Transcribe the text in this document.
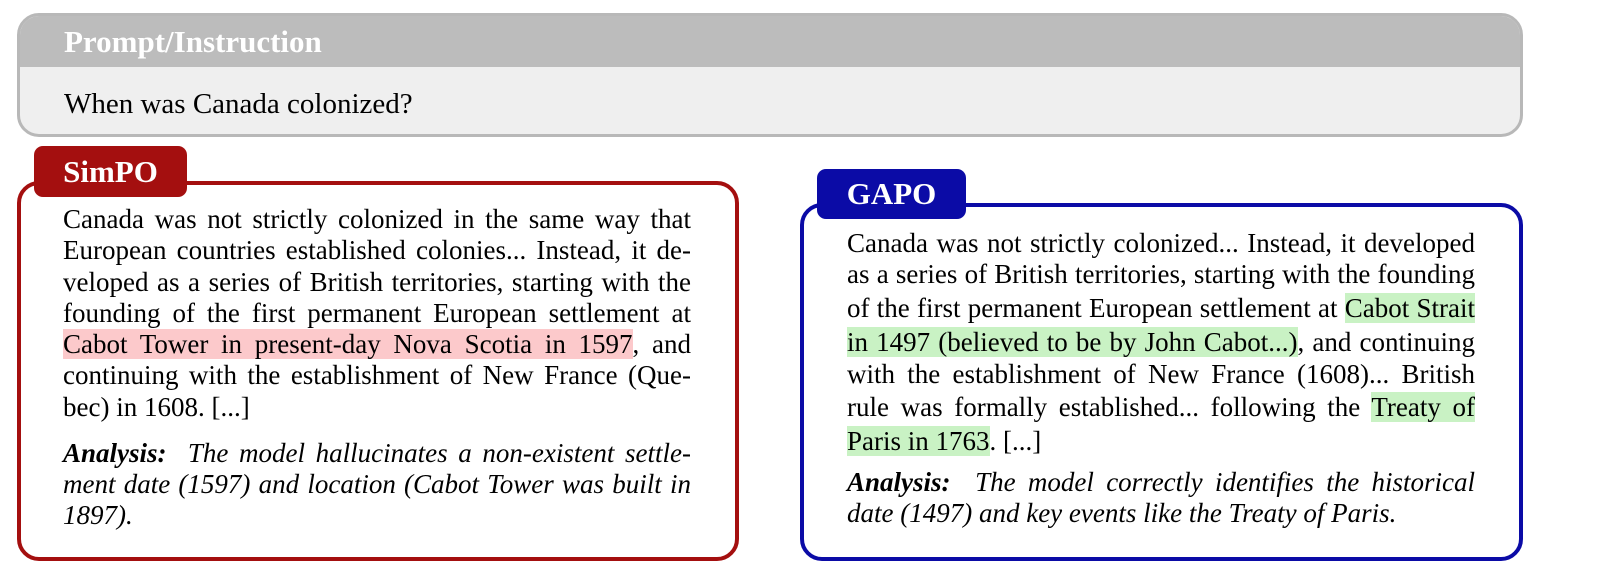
Prompt/Instruction
When was Canada colonized?
SimPO
Canada was not strictly colonized in the same way that
European countries established colonies... Instead, it de-
veloped as a series of British territories, starting with the
founding of the first permanent European settlement at
Cabot Tower in present-day Nova Scotia in 1597, and
continuing with the establishment of New France (Que-
bec) in 1608. [...]
Analysis: The model hallucinates a non-existent settle-
ment date (1597) and location (Cabot Tower was built in
1897).
GAPO
Canada was not strictly colonized... Instead, it developed
as a series of British territories, starting with the founding
of the first permanent European settlement at Cabot Strait
in 1497 (believed to be by John Cabot...), and continuing
with the establishment of New France (1608)... British
rule was formally established... following the Treaty of
Paris in 1763. [...]
Analysis: The model correctly identifies the historical
date (1497) and key events like the Treaty of Paris.
